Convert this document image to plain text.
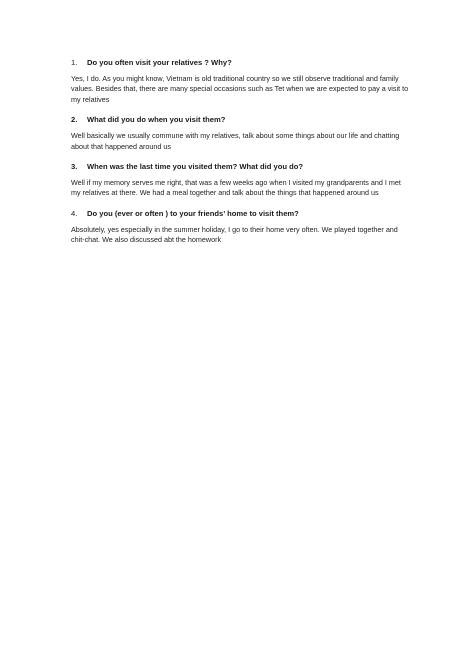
1.	Do you often visit your relatives ? Why?

Yes, I do. As you might know, Vietnam is old traditional country so we still observe traditional and family values. Besides that, there are many special occasions such as Tet when we are expected to pay a visit to my relatives

2.	What did you do when you visit them?

Well basically we usually commune with my relatives, talk about some things about our life and chatting about that happened around us

3.	When was the last time you visited them? What did you do?

Well if my memory serves me right, that was a few weeks ago when I visited my grandparents and I met my relatives at there. We had a meal together and talk about the things that happened around us

4.	Do you (ever or often ) to your friends’ home to visit them?

Absolutely, yes especially in the summer holiday, I go to their home very often. We played together and chit-chat. We also discussed abt the homework
